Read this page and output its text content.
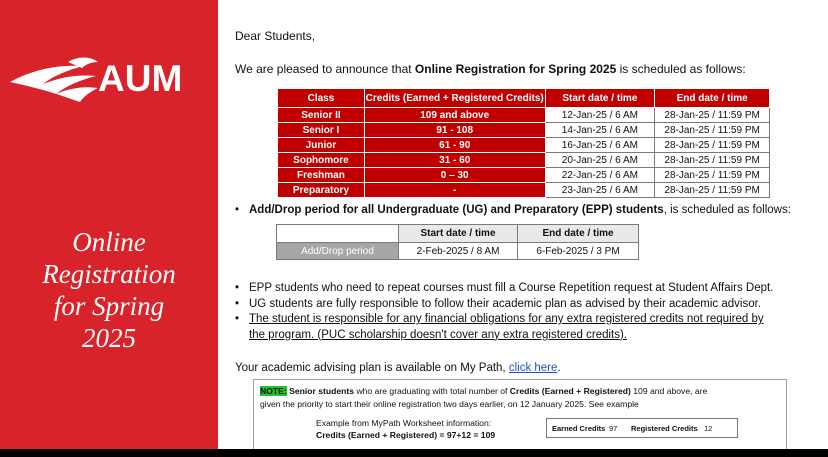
AUM
Online
Registration
for Spring
2025
Dear Students,
We are pleased to announce that Online Registration for Spring 2025 is scheduled as follows:
Class	Credits (Earned + Registered Credits)	Start date / time	End date / time
Senior II	109 and above	12-Jan-25 / 6 AM	28-Jan-25 / 11:59 PM
Senior I	91 - 108	14-Jan-25 / 6 AM	28-Jan-25 / 11:59 PM
Junior	61 - 90	16-Jan-25 / 6 AM	28-Jan-25 / 11:59 PM
Sophomore	31 - 60	20-Jan-25 / 6 AM	28-Jan-25 / 11:59 PM
Freshman	0 – 30	22-Jan-25 / 6 AM	28-Jan-25 / 11:59 PM
Preparatory	-	23-Jan-25 / 6 AM	28-Jan-25 / 11:59 PM
• Add/Drop period for all Undergraduate (UG) and Preparatory (EPP) students, is scheduled as follows:
	Start date / time	End date / time
Add/Drop period	2-Feb-2025 / 8 AM	6-Feb-2025 / 3 PM
• EPP students who need to repeat courses must fill a Course Repetition request at Student Affairs Dept.
• UG students are fully responsible to follow their academic plan as advised by their academic advisor.
• The student is responsible for any financial obligations for any extra registered credits not required by
the program. (PUC scholarship doesn't cover any extra registered credits).
Your academic advising plan is available on My Path, click here.
NOTE: Senior students who are graduating with total number of Credits (Earned + Registered) 109 and above, are
given the priority to start their online registration two days earlier, on 12 January 2025. See example
Example from MyPath Worksheet information:
Credits (Earned + Registered) = 97+12 = 109
Earned Credits 97 Registered Credits 12
